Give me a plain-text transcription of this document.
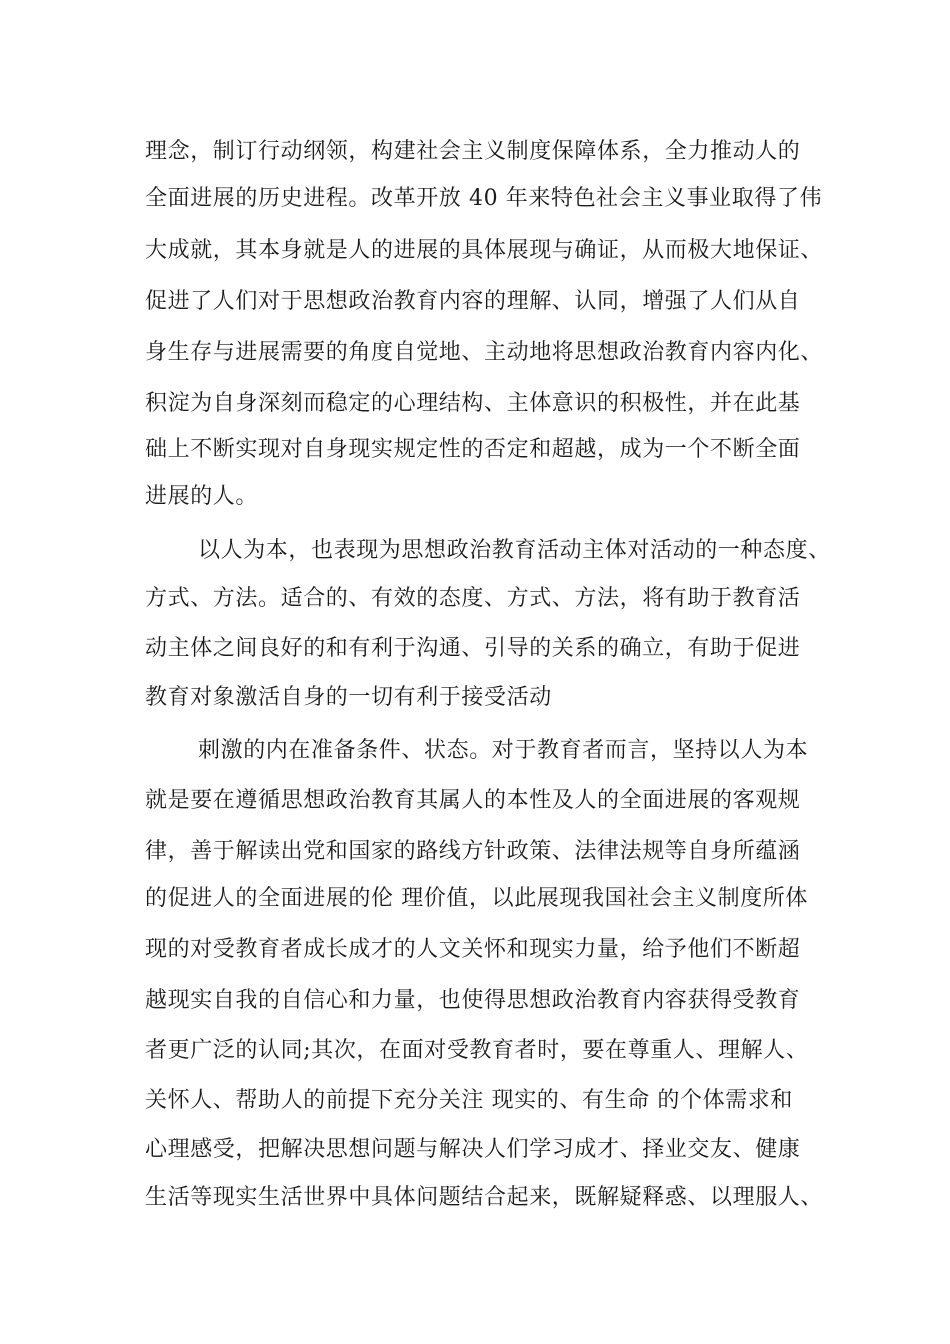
理念，制订行动纲领，构建社会主义制度保障体系，全力推动人的
全面进展的历史进程。改革开放 40 年来特色社会主义事业取得了伟
大成就，其本身就是人的进展的具体展现与确证，从而极大地保证、
促进了人们对于思想政治教育内容的理解、认同，增强了人们从自
身生存与进展需要的角度自觉地、主动地将思想政治教育内容内化、
积淀为自身深刻而稳定的心理结构、主体意识的积极性，并在此基
础上不断实现对自身现实规定性的否定和超越，成为一个不断全面
进展的人。
以人为本，也表现为思想政治教育活动主体对活动的一种态度、
方式、方法。适合的、有效的态度、方式、方法，将有助于教育活
动主体之间良好的和有利于沟通、引导的关系的确立，有助于促进
教育对象激活自身的一切有利于接受活动
刺激的内在准备条件、状态。对于教育者而言，坚持以人为本
就是要在遵循思想政治教育其属人的本性及人的全面进展的客观规
律，善于解读出党和国家的路线方针政策、法律法规等自身所蕴涵
的促进人的全面进展的伦 理价值，以此展现我国社会主义制度所体
现的对受教育者成长成才的人文关怀和现实力量，给予他们不断超
越现实自我的自信心和力量，也使得思想政治教育内容获得受教育
者更广泛的认同;其次，在面对受教育者时，要在尊重人、理解人、
关怀人、帮助人的前提下充分关注 现实的、有生命 的个体需求和
心理感受，把解决思想问题与解决人们学习成才、择业交友、健康
生活等现实生活世界中具体问题结合起来，既解疑释惑、以理服人、
